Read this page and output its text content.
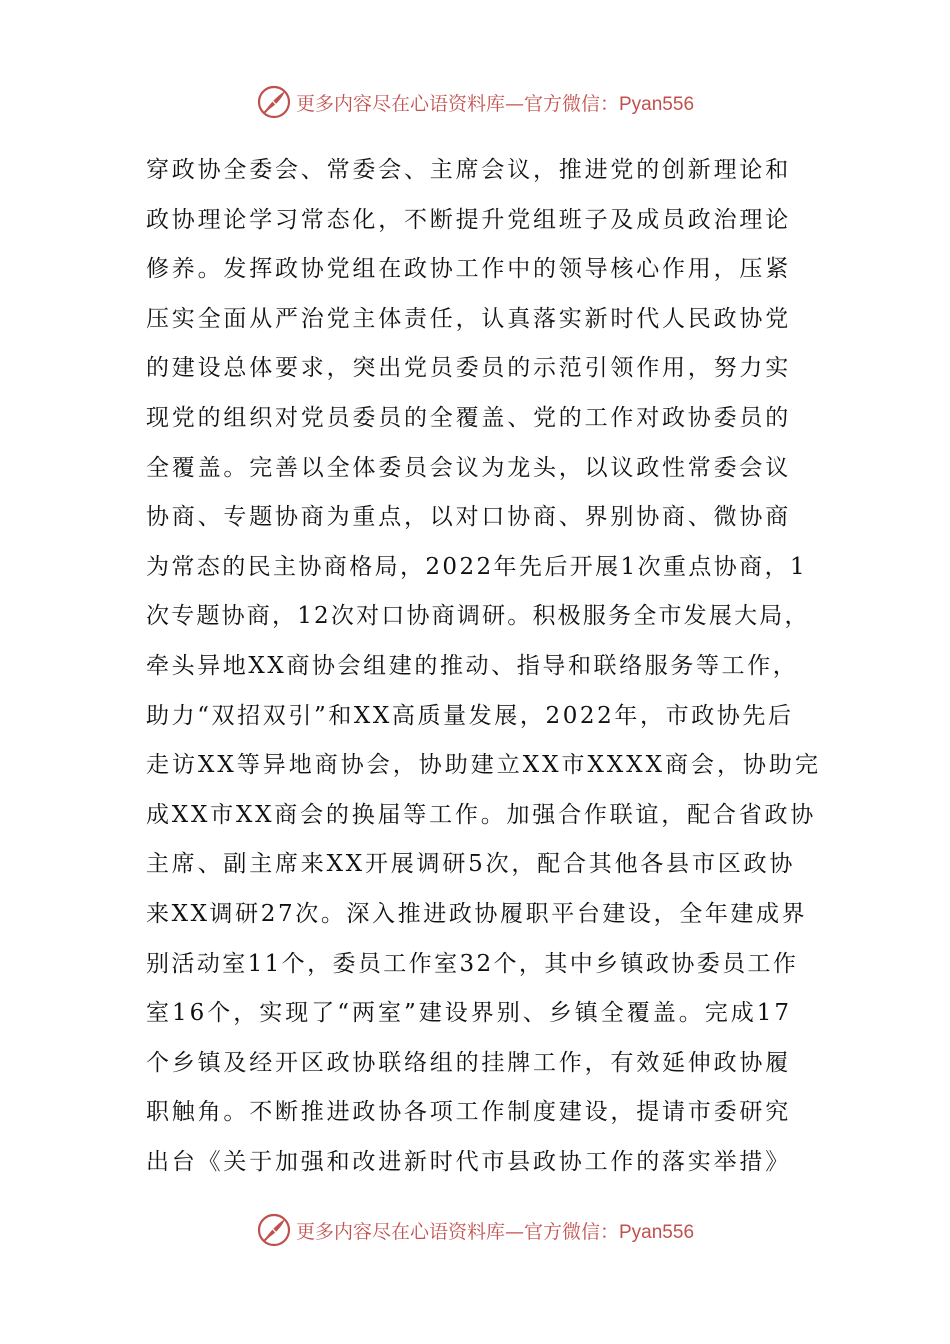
更多内容尽在心语资料库—官方微信：Pyan556
穿政协全委会、常委会、主席会议，推进党的创新理论和
政协理论学习常态化，不断提升党组班子及成员政治理论
修养。发挥政协党组在政协工作中的领导核心作用，压紧
压实全面从严治党主体责任，认真落实新时代人民政协党
的建设总体要求，突出党员委员的示范引领作用，努力实
现党的组织对党员委员的全覆盖、党的工作对政协委员的
全覆盖。完善以全体委员会议为龙头，以议政性常委会议
协商、专题协商为重点，以对口协商、界别协商、微协商
为常态的民主协商格局，2022年先后开展1次重点协商，1
次专题协商，12次对口协商调研。积极服务全市发展大局，
牵头异地XX商协会组建的推动、指导和联络服务等工作，
助力“双招双引”和XX高质量发展，2022年，市政协先后
走访XX等异地商协会，协助建立XX市XXXX商会，协助完
成XX市XX商会的换届等工作。加强合作联谊，配合省政协
主席、副主席来XX开展调研5次，配合其他各县市区政协
来XX调研27次。深入推进政协履职平台建设，全年建成界
别活动室11个，委员工作室32个，其中乡镇政协委员工作
室16个，实现了“两室”建设界别、乡镇全覆盖。完成17
个乡镇及经开区政协联络组的挂牌工作，有效延伸政协履
职触角。不断推进政协各项工作制度建设，提请市委研究
出台《关于加强和改进新时代市县政协工作的落实举措》
更多内容尽在心语资料库—官方微信：Pyan556
